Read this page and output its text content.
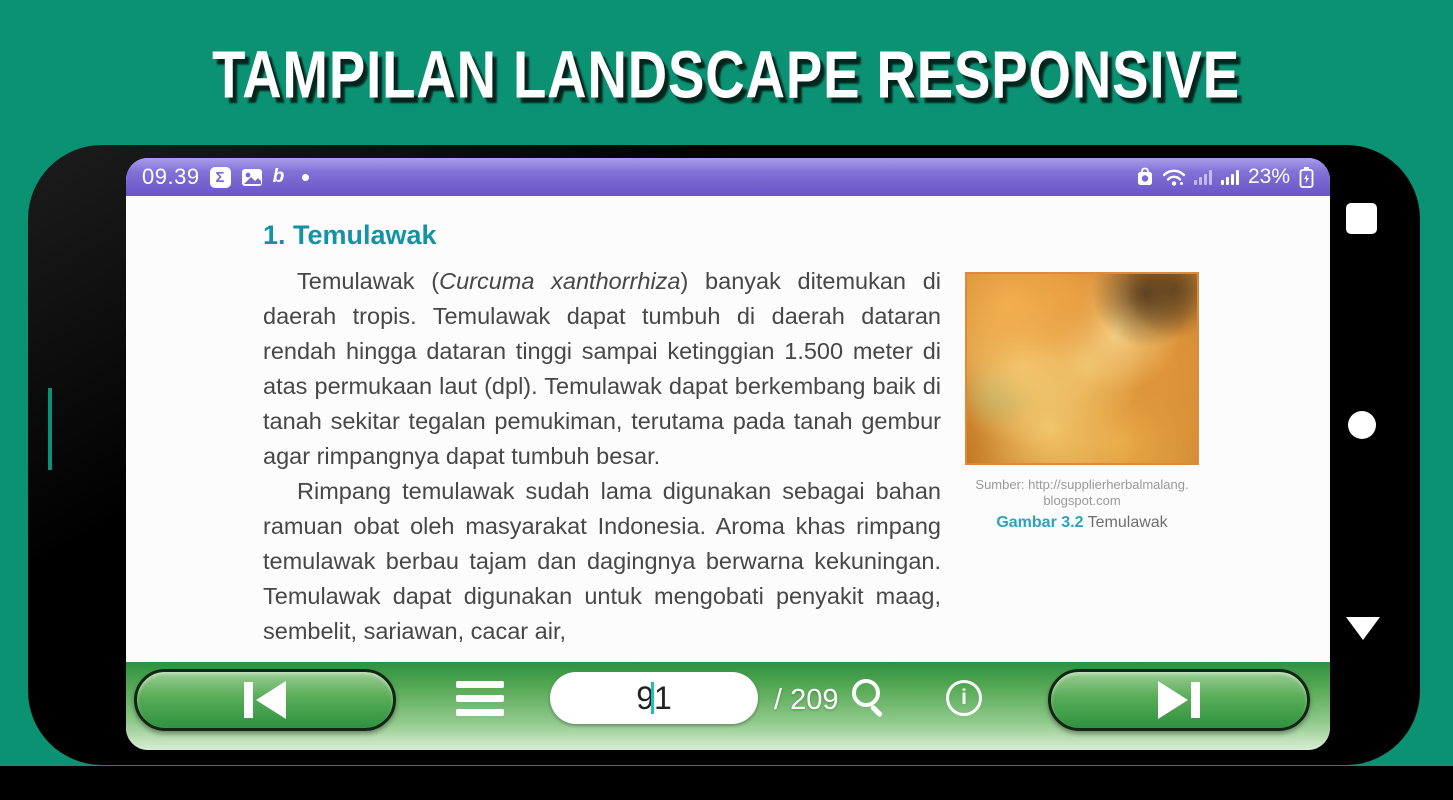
TAMPILAN LANDSCAPE RESPONSIVE
09.39	Σ	b	23%
1. Temulawak

Temulawak (Curcuma xanthorrhiza) banyak ditemukan di daerah tropis. Temulawak dapat tumbuh di daerah dataran rendah hingga dataran tinggi sampai ketinggian 1.500 meter di atas permukaan laut (dpl). Temulawak dapat berkembang baik di tanah sekitar tegalan pemukiman, terutama pada tanah gembur agar rimpangnya dapat tumbuh besar.

Rimpang temulawak sudah lama digunakan sebagai bahan ramuan obat oleh masyarakat Indonesia. Aroma khas rimpang temulawak berbau tajam dan dagingnya berwarna kekuningan. Temulawak dapat digunakan untuk mengobati penyakit maag, sembelit, sariawan, cacar air,

Sumber: http://supplierherbalmalang.
blogspot.com
Gambar 3.2 Temulawak
91
/ 209	i
